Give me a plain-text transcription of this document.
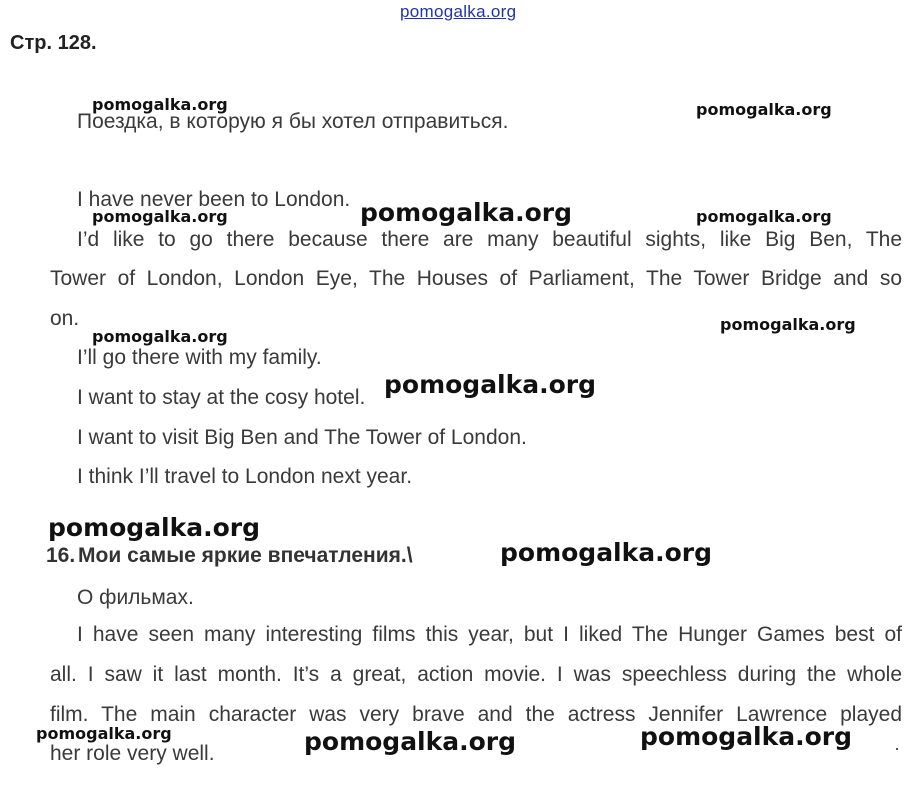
pomogalka.org
Стр. 128.
Поездка, в которую я бы хотел отправиться.
I have never been to London.
I’d like to go there because there are many beautiful sights, like Big Ben, The
Tower of London, London Eye, The Houses of Parliament, The Tower Bridge and so
on.
I’ll go there with my family.
I want to stay at the cosy hotel.
I want to visit Big Ben and The Tower of London.
I think I’ll travel to London next year.
16. Мои самые яркие впечатления.\
О фильмах.
I have seen many interesting films this year, but I liked The Hunger Games best of
all. I saw it last month. It’s a great, action movie. I was speechless during the whole
film. The main character was very brave and the actress Jennifer Lawrence played
her role very well.
pomogalka.org	pomogalka.org
pomogalka.org	pomogalka.org	pomogalka.org
pomogalka.org
pomogalka.org
pomogalka.org
pomogalka.org
pomogalka.org
pomogalka.org	pomogalka.org	pomogalka.org
